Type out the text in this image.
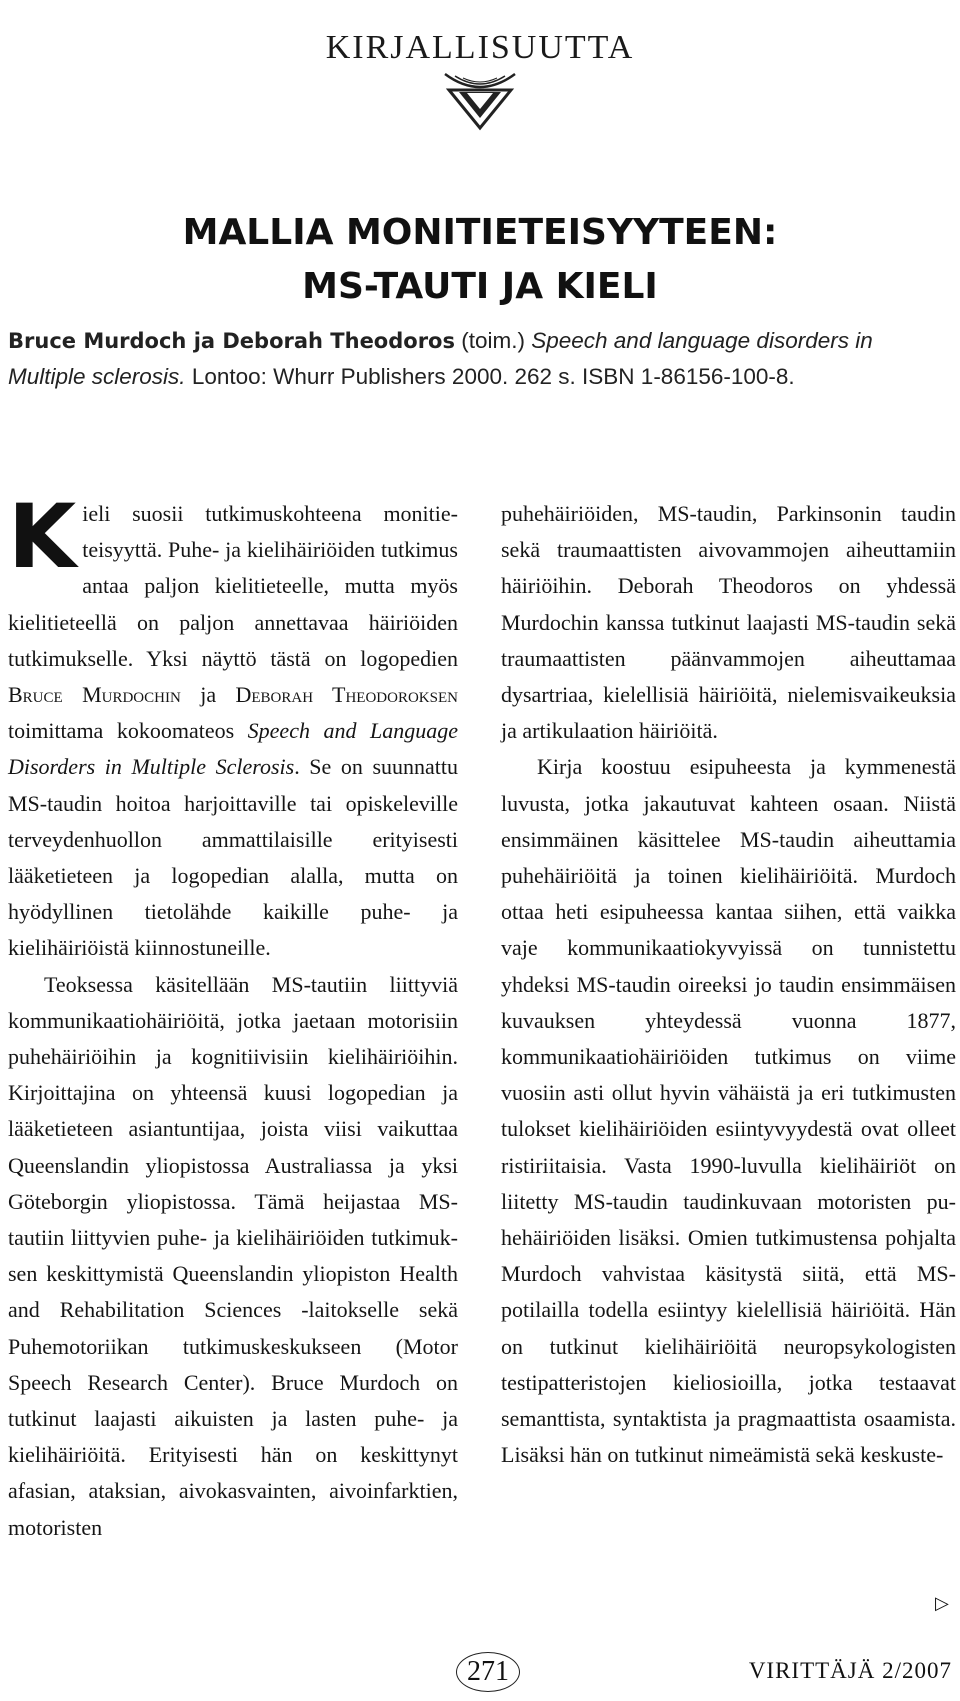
KIRJALLISUUTTA
MALLIA MONITIETEISYYTEEN:
MS-TAUTI JA KIELI
Bruce Murdoch ja Deborah Theodoros (toim.) Speech and language disorders in Multiple sclerosis. Lontoo: Whurr Publishers 2000. 262 s. ISBN 1-86156-100-8.

Kieli suosii tutkimuskohteena monitieteisyyttä. Puhe- ja kielihäiriöiden tutkimus antaa paljon kielitieteelle, mutta myös kielitieteellä on paljon annettavaa häiriöiden tutkimukselle. Yksi näyttö tästä on logopedien Bruce Murdochin ja Deborah Theodoroksen toimittama kokoomateos Speech and Language Disorders in Multiple Sclerosis. Se on suunnattu MS-taudin hoitoa harjoittaville tai opiskeleville terveydenhuollon ammattilaisille erityisesti lääketieteen ja logopedian alalla, mutta on hyödyllinen tietolähde kaikille puhe- ja kielihäiriöistä kiinnostuneille.

Teoksessa käsitellään MS-tautiin liittyviä kommunikaatiohäiriöitä, jotka jaetaan motorisiin puhehäiriöihin ja kognitiivisiin kielihäiriöihin. Kirjoittajina on yhteensä kuusi logopedian ja lääketieteen asiantuntijaa, joista viisi vaikuttaa Queenslandin yliopistossa Australiassa ja yksi Göteborgin yliopistossa. Tämä heijastaa MS-tautiin liittyvien puhe- ja kielihäiriöiden tutkimuksen keskittymistä Queenslandin yliopiston Health and Rehabilitation Sciences -laitokselle sekä Puhemotoriikan tutkimuskeskukseen (Motor Speech Research Center). Bruce Murdoch on tutkinut laajasti aikuisten ja lasten puhe- ja kielihäiriöitä. Erityisesti hän on keskittynyt afasian, ataksian, aivokasvainten, aivoinfarktien, motoristen

puhehäiriöiden, MS-taudin, Parkinsonin taudin sekä traumaattisten aivovammojen aiheuttamiin häiriöihin. Deborah Theodoros on yhdessä Murdochin kanssa tutkinut laajasti MS-taudin sekä traumaattisten päänvammojen aiheuttamaa dysartriaa, kielellisiä häiriöitä, nielemisvaikeuksia ja artikulaation häiriöitä.

Kirja koostuu esipuheesta ja kymmenestä luvusta, jotka jakautuvat kahteen osaan. Niistä ensimmäinen käsittelee MS-taudin aiheuttamia puhehäiriöitä ja toinen kielihäiriöitä. Murdoch ottaa heti esipuheessa kantaa siihen, että vaikka vaje kommunikaatiokyvyissä on tunnistettu yhdeksi MS-taudin oireeksi jo taudin ensimmäisen kuvauksen yhteydessä vuonna 1877, kommunikaatiohäiriöiden tutkimus on viime vuosiin asti ollut hyvin vähäistä ja eri tutkimusten tulokset kielihäiriöiden esiintyvyydestä ovat olleet ristiriitaisia. Vasta 1990-luvulla kielihäiriöt on liitetty MS-taudin taudinkuvaan motoristen puhehäiriöiden lisäksi. Omien tutkimustensa pohjalta Murdoch vahvistaa käsitystä siitä, että MS-potilailla todella esiintyy kielellisiä häiriöitä. Hän on tutkinut kielihäiriöitä neuropsykologisten testipatteristojen kieliosioilla, jotka testaavat semanttista, syntaktista ja pragmaattista osaamista. Lisäksi hän on tutkinut nimeämistä sekä keskuste-

▷
271	VIRITTÄJÄ 2/2007
